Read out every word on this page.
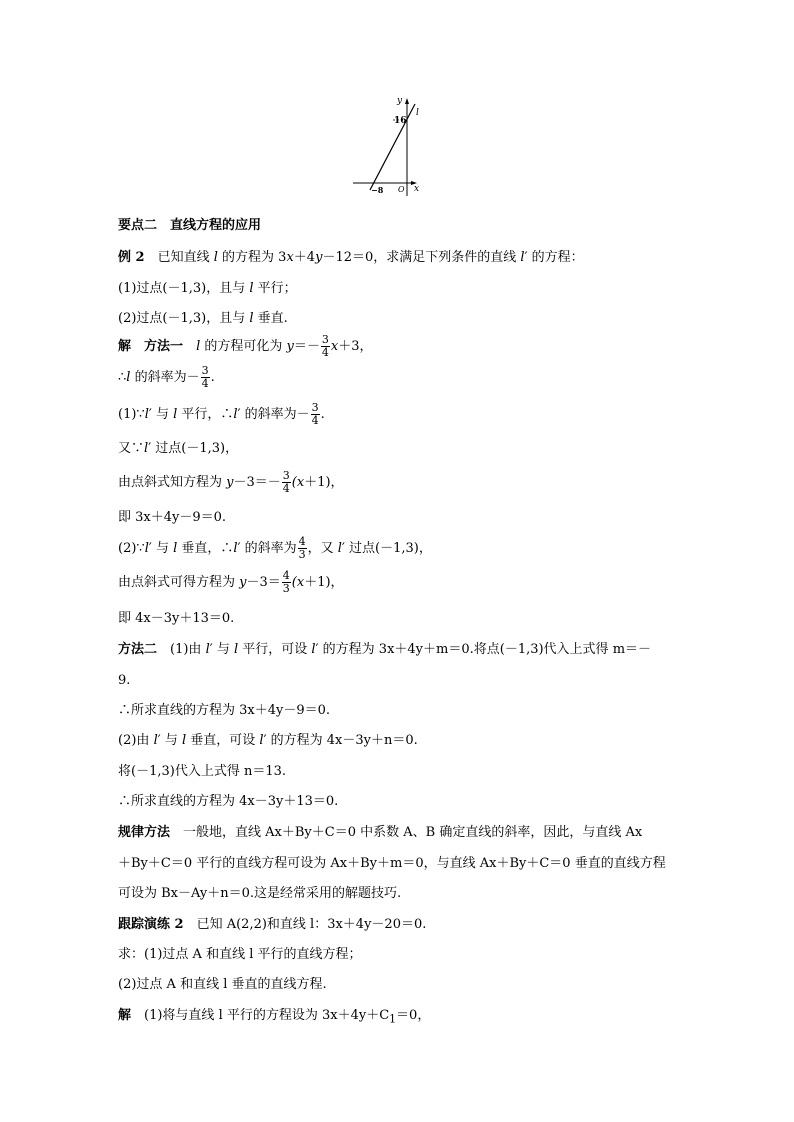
y
l
16
−8 O x
要点二　直线方程的应用
例 2　 已知直线 l 的方程为 3x＋4y－12＝0，求满足下列条件的直线 l′ 的方程：
(1)过点(－1,3)，且与 l 平行；
(2)过点(－1,3)，且与 l 垂直.
解　 方法一　 l 的方程可化为 $y=- \frac{3}{4} x+3$，
∴l 的斜率为－ $\frac{3}{4}$ .
(1)∵l′ 与 l 平行，∴l′ 的斜率为－ $\frac{3}{4}$ .
又∵l′ 过点(－1,3)，
由点斜式知方程为 $y-3=- \frac{3}{4} (x+1)$，
即 3x＋4y－9＝0.
(2)∵l′ 与 l 垂直，∴l′ 的斜率为 $\frac{4}{3}$ ，又 l′ 过点(－1,3)，
由点斜式可得方程为 $y-3= \frac{4}{3} (x+1)$，
即 4x－3y＋13＝0.
方法二　(1)由 l′ 与 l 平行，可设 l′ 的方程为 3x＋4y＋m＝0.将点(－1,3)代入上式得 m＝－
9.
∴所求直线的方程为 3x＋4y－9＝0.
(2)由 l′ 与 l 垂直，可设 l′ 的方程为 4x－3y＋n＝0.
将(－1,3)代入上式得 n＝13.
∴所求直线的方程为 4x－3y＋13＝0.
规律方法　一般地，直线 Ax＋By＋C＝0 中系数 A、B 确定直线的斜率，因此，与直线 Ax
＋By＋C＝0 平行的直线方程可设为 Ax＋By＋m＝0，与直线 Ax＋By＋C＝0 垂直的直线方程
可设为 Bx－Ay＋n＝0.这是经常采用的解题技巧.
跟踪演练 2　已知 A(2,2)和直线 l：3x＋4y－20＝0.
求：(1)过点 A 和直线 l 平行的直线方程；
(2)过点 A 和直线 l 垂直的直线方程.
解　(1)将与直线 l 平行的方程设为 $3x+4y+C_1=0$，
